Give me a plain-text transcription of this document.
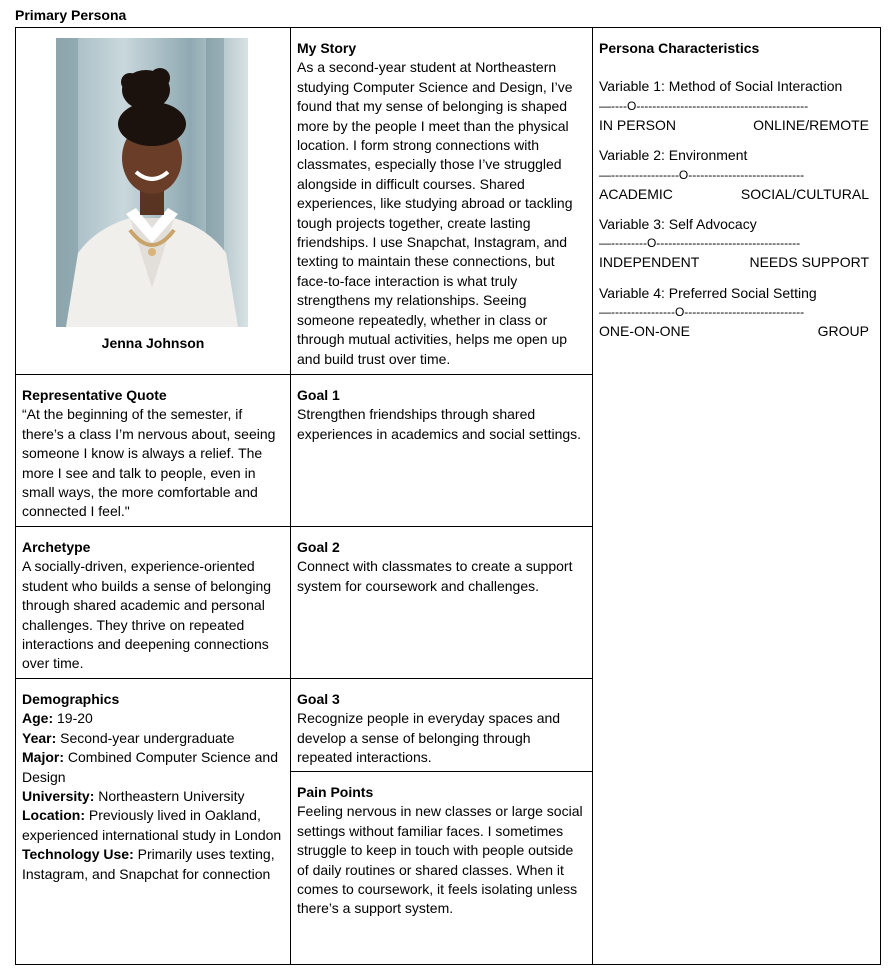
Primary Persona
Jenna Johnson
My Story
As a second-year student at Northeastern studying Computer Science and Design, I’ve found that my sense of belonging is shaped more by the people I meet than the physical location. I form strong connections with classmates, especially those I’ve struggled alongside in difficult courses. Shared experiences, like studying abroad or tackling tough projects together, create lasting friendships. I use Snapchat, Instagram, and texting to maintain these connections, but face-to-face interaction is what truly strengthens my relationships. Seeing someone repeatedly, whether in class or through mutual activities, helps me open up and build trust over time.
Persona Characteristics
Variable 1: Method of Social Interaction
—----O-------------------------------------------
IN PERSON	ONLINE/REMOTE
Variable 2: Environment
—-----------------O-----------------------------
ACADEMIC	SOCIAL/CULTURAL
Variable 3: Self Advocacy
—---------O------------------------------------
INDEPENDENT	NEEDS SUPPORT
Variable 4: Preferred Social Setting
—----------------O------------------------------
ONE-ON-ONE	GROUP
Representative Quote
“At the beginning of the semester, if there’s a class I’m nervous about, seeing someone I know is always a relief. The more I see and talk to people, even in small ways, the more comfortable and connected I feel."
Goal 1
Strengthen friendships through shared experiences in academics and social settings.
Archetype
A socially-driven, experience-oriented student who builds a sense of belonging through shared academic and personal challenges. They thrive on repeated interactions and deepening connections over time.
Goal 2
Connect with classmates to create a support system for coursework and challenges.
Demographics
Age: 19-20
Year: Second-year undergraduate
Major: Combined Computer Science and Design
University: Northeastern University
Location: Previously lived in Oakland, experienced international study in London
Technology Use: Primarily uses texting, Instagram, and Snapchat for connection
Goal 3
Recognize people in everyday spaces and develop a sense of belonging through repeated interactions.
Pain Points
Feeling nervous in new classes or large social settings without familiar faces. I sometimes struggle to keep in touch with people outside of daily routines or shared classes. When it comes to coursework, it feels isolating unless there’s a support system.
